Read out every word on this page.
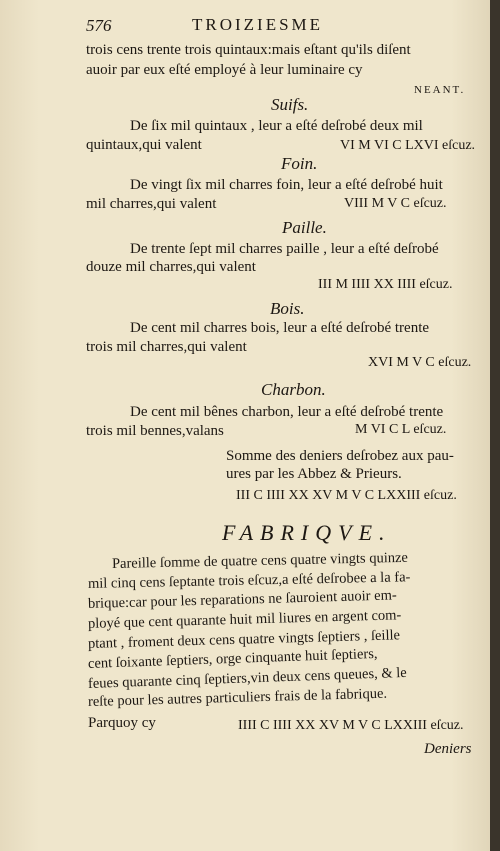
576	TROIZIESME
trois cens trente trois quintaux:mais eſtant qu'ils diſent
auoir par eux eſté employé à leur luminaire cy
NEANT.
Suifs.
De ſix mil quintaux , leur a eſté deſrobé deux mil
quintaux,qui valent	VI M VI C LXVI eſcuz.
Foin.
De vingt ſix mil charres foin, leur a eſté deſrobé huit
mil charres,qui valent	VIII M V C eſcuz.
Paille.
De trente ſept mil charres paille , leur a eſté deſrobé
douze mil charres,qui valent
III M IIII XX IIII eſcuz.
Bois.
De cent mil charres bois, leur a eſté deſrobé trente
trois mil charres,qui valent
XVI M V C eſcuz.
Charbon.
De cent mil bênes charbon, leur a eſté deſrobé trente
trois mil bennes,valans	M VI C L eſcuz.
Somme des deniers deſrobez aux pau-
ures par les Abbez & Prieurs.
III C IIII XX XV M V C LXXIII eſcuz.
FABRIQVE.
Pareille ſomme de quatre cens quatre vingts quinze
mil cinq cens ſeptante trois eſcuz,a eſté deſrobee a la fa-
brique:car pour les reparations ne ſauroient auoir em-
ployé que cent quarante huit mil liures en argent com-
ptant , froment deux cens quatre vingts ſeptiers , ſeille
cent ſoixante ſeptiers, orge cinquante huit ſeptiers,
feues quarante cinq ſeptiers,vin deux cens queues, & le
reſte pour les autres particuliers frais de la fabrique.
Parquoy cy	IIII C IIII XX XV M V C LXXIII eſcuz.
Deniers
